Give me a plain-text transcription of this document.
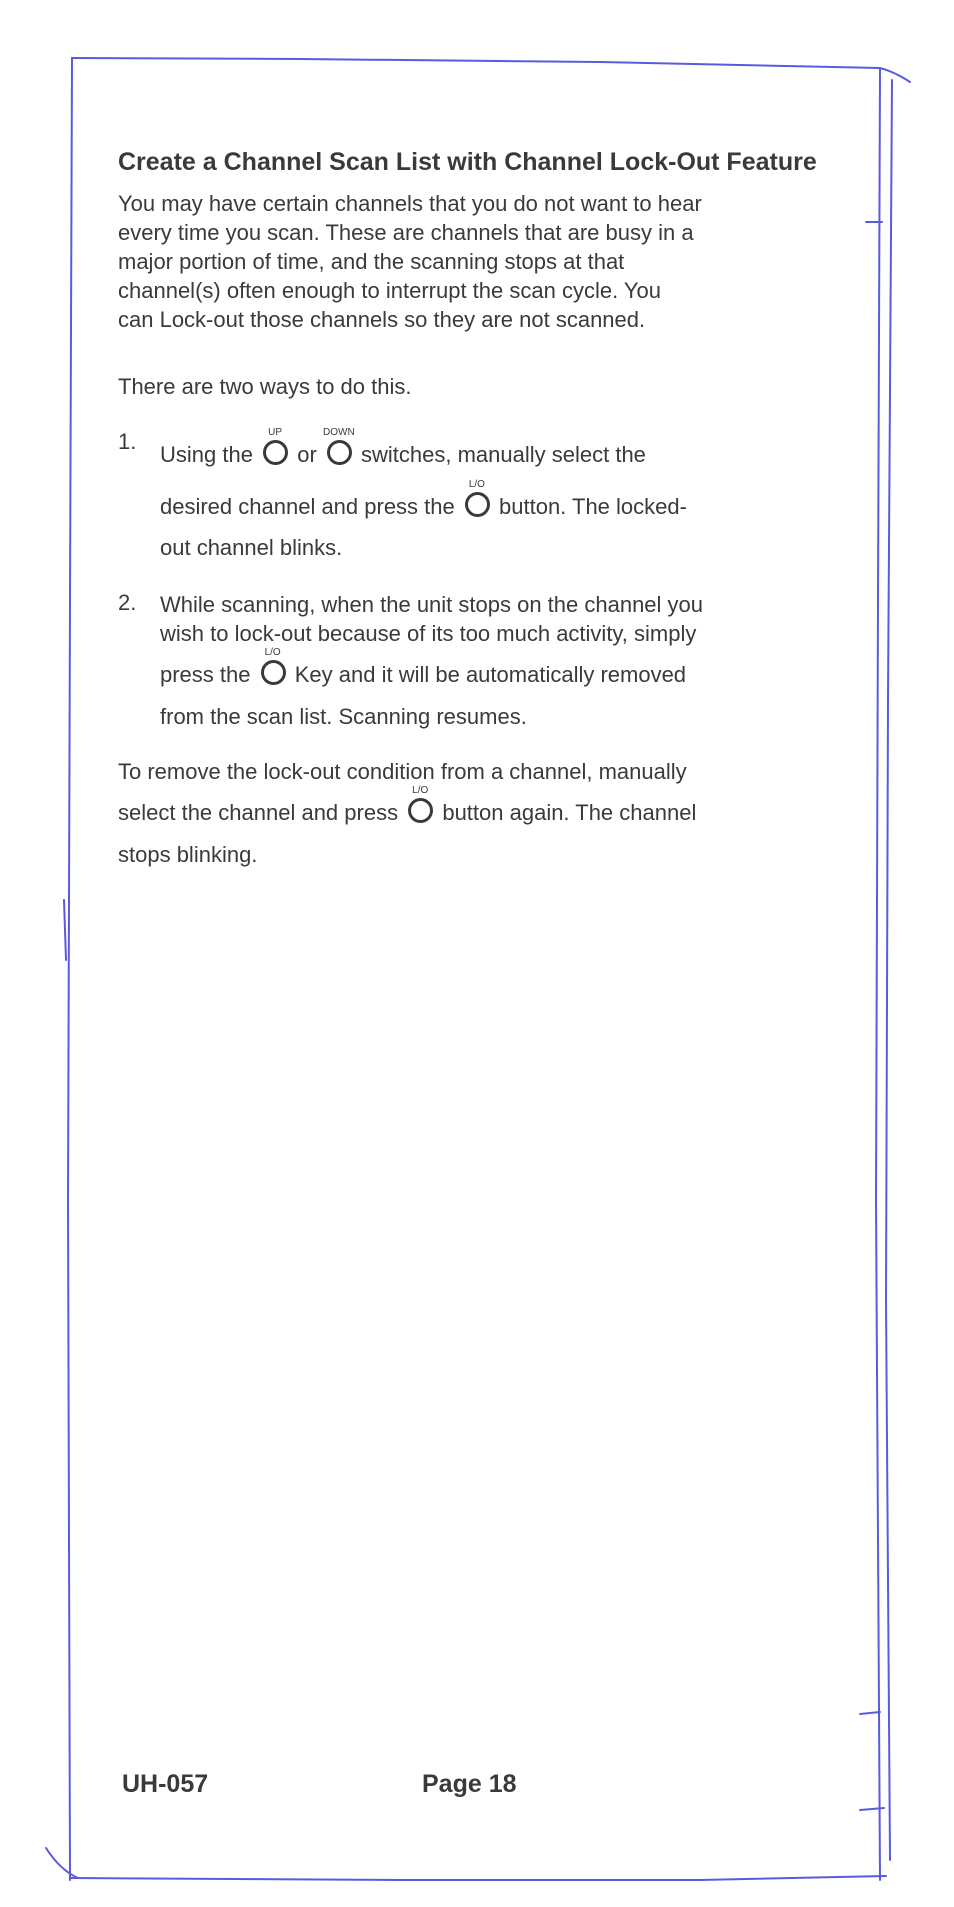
Create a Channel Scan List with Channel Lock-Out Feature
You may have certain channels that you do not want to hear
every time you scan. These are channels that are busy in a
major portion of time, and the scanning stops at that
channel(s) often enough to interrupt the scan cycle. You
can Lock-out those channels so they are not scanned.

There are two ways to do this.

1.
Using the
UP
or
DOWN
switches, manually select the
desired channel and press the
L/O
button. The locked-
out channel blinks.
2. While scanning, when the unit stops on the channel you
wish to lock-out because of its too much activity, simply
press the
L/O
Key and it will be automatically removed
from the scan list. Scanning resumes.
To remove the lock-out condition from a channel, manually
select the channel and press
L/O
button again. The channel
stops blinking.
UH-057	Page 18
